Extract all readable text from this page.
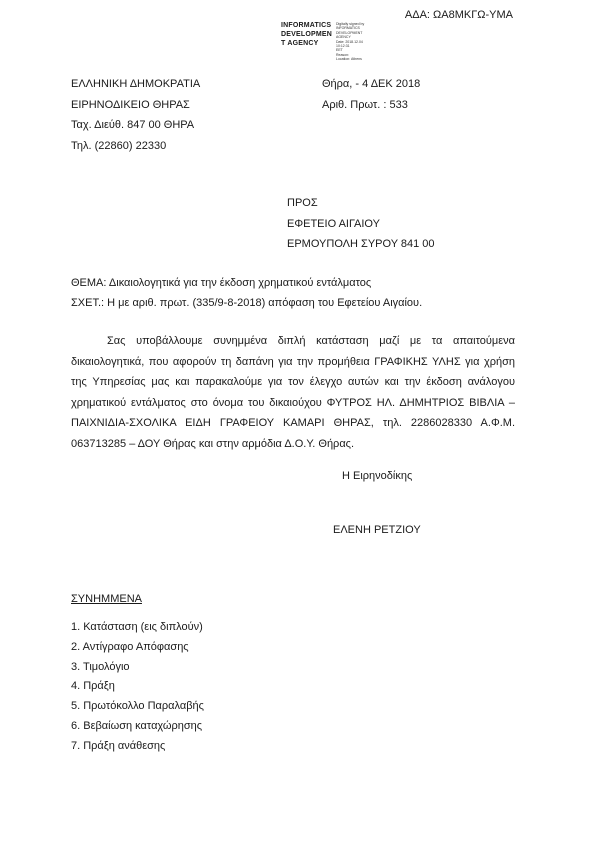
ΑΔΑ: ΩΑ8ΜΚΓΩ-ΥΜΑ
INFORMATICS
DEVELOPMEN
T AGENCY
Digitally signed by
INFORMATICS
DEVELOPMENT AGENCY
Date: 2018.12.04 10:12:31
EET
Reason:
Location: Athens
ΕΛΛΗΝΙΚΗ ΔΗΜΟΚΡΑΤΙΑ
ΕΙΡΗΝΟΔΙΚΕΙΟ ΘΗΡΑΣ
Ταχ. Διεύθ. 847 00 ΘΗΡΑ
Τηλ. (22860) 22330
Θήρα, - 4 ΔΕΚ 2018
Αριθ. Πρωτ. : 533
ΠΡΟΣ
ΕΦΕΤΕΙΟ ΑΙΓΑΙΟΥ
ΕΡΜΟΥΠΟΛΗ ΣΥΡΟΥ 841 00
ΘΕΜΑ: Δικαιολογητικά για την έκδοση χρηματικού εντάλματος
ΣΧΕΤ.: Η με αριθ. πρωτ. (335/9-8-2018) απόφαση του Εφετείου Αιγαίου.
Σας υποβάλλουμε συνημμένα διπλή κατάσταση μαζί με τα απαιτούμενα δικαιολογητικά, που αφορούν τη δαπάνη για την προμήθεια ΓΡΑΦΙΚΗΣ ΥΛΗΣ για χρήση της Υπηρεσίας μας και παρακαλούμε για τον έλεγχο αυτών και την έκδοση ανάλογου χρηματικού εντάλματος στο όνομα του δικαιούχου ΦΥΤΡΟΣ ΗΛ. ΔΗΜΗΤΡΙΟΣ ΒΙΒΛΙΑ – ΠΑΙΧΝΙΔΙΑ-ΣΧΟΛΙΚΑ ΕΙΔΗ ΓΡΑΦΕΙΟΥ ΚΑΜΑΡΙ ΘΗΡΑΣ, τηλ. 2286028330 Α.Φ.Μ. 063713285 – ΔΟΥ Θήρας και στην αρμόδια Δ.Ο.Υ. Θήρας.
Η Ειρηνοδίκης
ΕΛΕΝΗ ΡΕΤΖΙΟΥ
ΣΥΝΗΜΜΕΝΑ
1. Κατάσταση (εις διπλούν)
2. Αντίγραφο Απόφασης
3. Τιμολόγιο
4. Πράξη
5. Πρωτόκολλο Παραλαβής
6. Βεβαίωση καταχώρησης
7. Πράξη ανάθεσης
